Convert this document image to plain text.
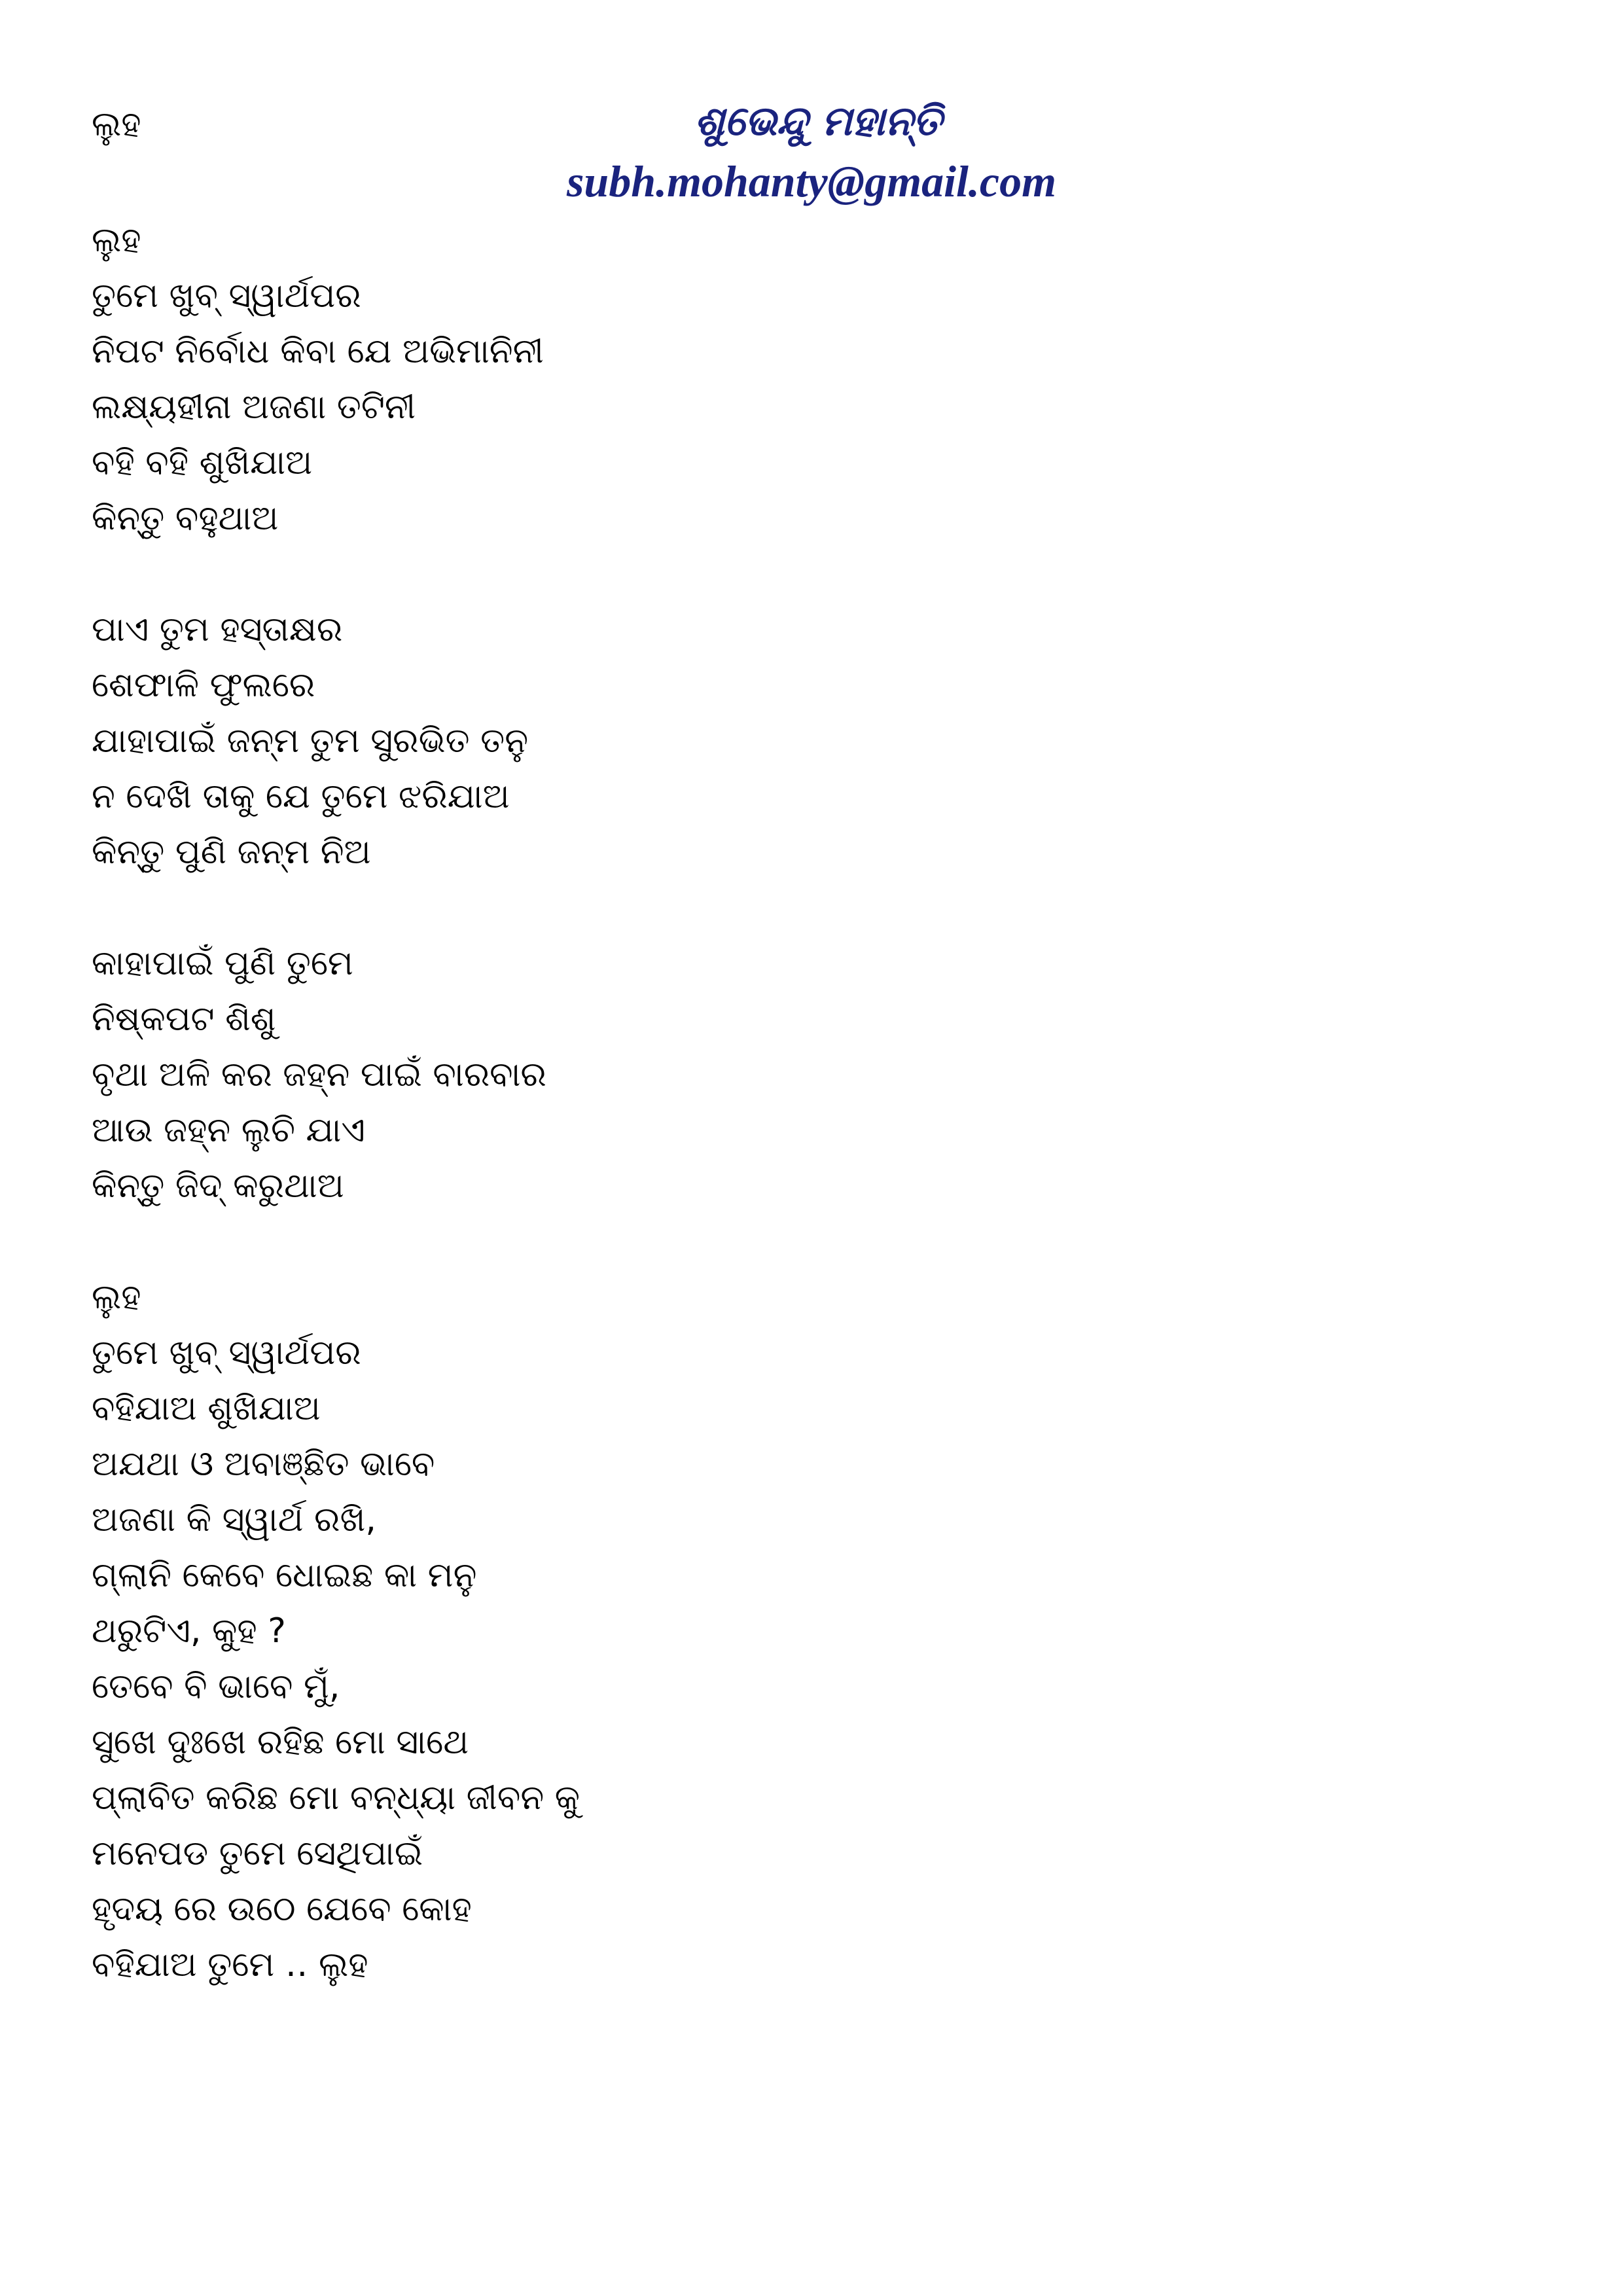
ଲୁହ	ଶୁଭେନ୍ଦୁ ମହାନ୍ତି
subh.mohanty@gmail.com
ଲୁହ
ତୁମେ ଖୁବ୍ ସ୍ୱାର୍ଥପର
ନିପଟ ନିର୍ବୋଧ କିବା ଯେ ଅଭିମାନିନୀ
ଲକ୍ଷ୍ୟହୀନା ଅଜଣା ତଟିନୀ
ବହି ବହି ଶୁଖିଯାଅ
କିନ୍ତୁ ବହୁଥାଅ
ପାଏ ତୁମ ହସ୍ତାକ୍ଷର
ଶେଫାଳି ଫୁଲରେ
ଯାହାପାଇଁ ଜନ୍ମ ତୁମ ସୁରଭିତ ତନୁ
ନ ଦେଖି ତାକୁ ଯେ ତୁମେ ଝରିଯାଅ
କିନ୍ତୁ ପୁଣି ଜନ୍ମ ନିଅ
କାହାପାଇଁ ପୁଣି ତୁମେ
ନିଷ୍କପଟ ଶିଶୁ
ବୃଥା ଅଳି କର ଜହ୍ନ ପାଇଁ ବାରବାର
ଆଉ ଜହ୍ନ ଲୁଚି ଯାଏ
କିନ୍ତୁ ଜିଦ୍ କରୁଥାଅ
ଲୁହ
ତୁମେ ଖୁବ୍ ସ୍ୱାର୍ଥପର
ବହିଯାଅ ଶୁଖିଯାଅ
ଅଯଥା ଓ ଅବାଞ୍ଛିତ ଭାବେ
ଅଜଣା କି ସ୍ୱାର୍ଥ ରଖି,
ଗ୍ଲାନି କେବେ ଧୋଇଛ କା ମନୁ
ଥରୁଟିଏ, କୁହ ?
ତେବେ ବି ଭାବେ ମୁଁ,
ସୁଖେ ଦୁଃଖେ ରହିଛ ମୋ ସାଥେ
ପ୍ଲାବିତ କରିଛ ମୋ ବନ୍ଧ୍ୟା ଜୀବନ କୁ
ମନେପଡ ତୁମେ ସେଥିପାଇଁ
ହୃଦୟ ରେ ଉଠେ ଯେବେ କୋହ
ବହିଯାଅ ତୁମେ ‥ ଲୁହ
